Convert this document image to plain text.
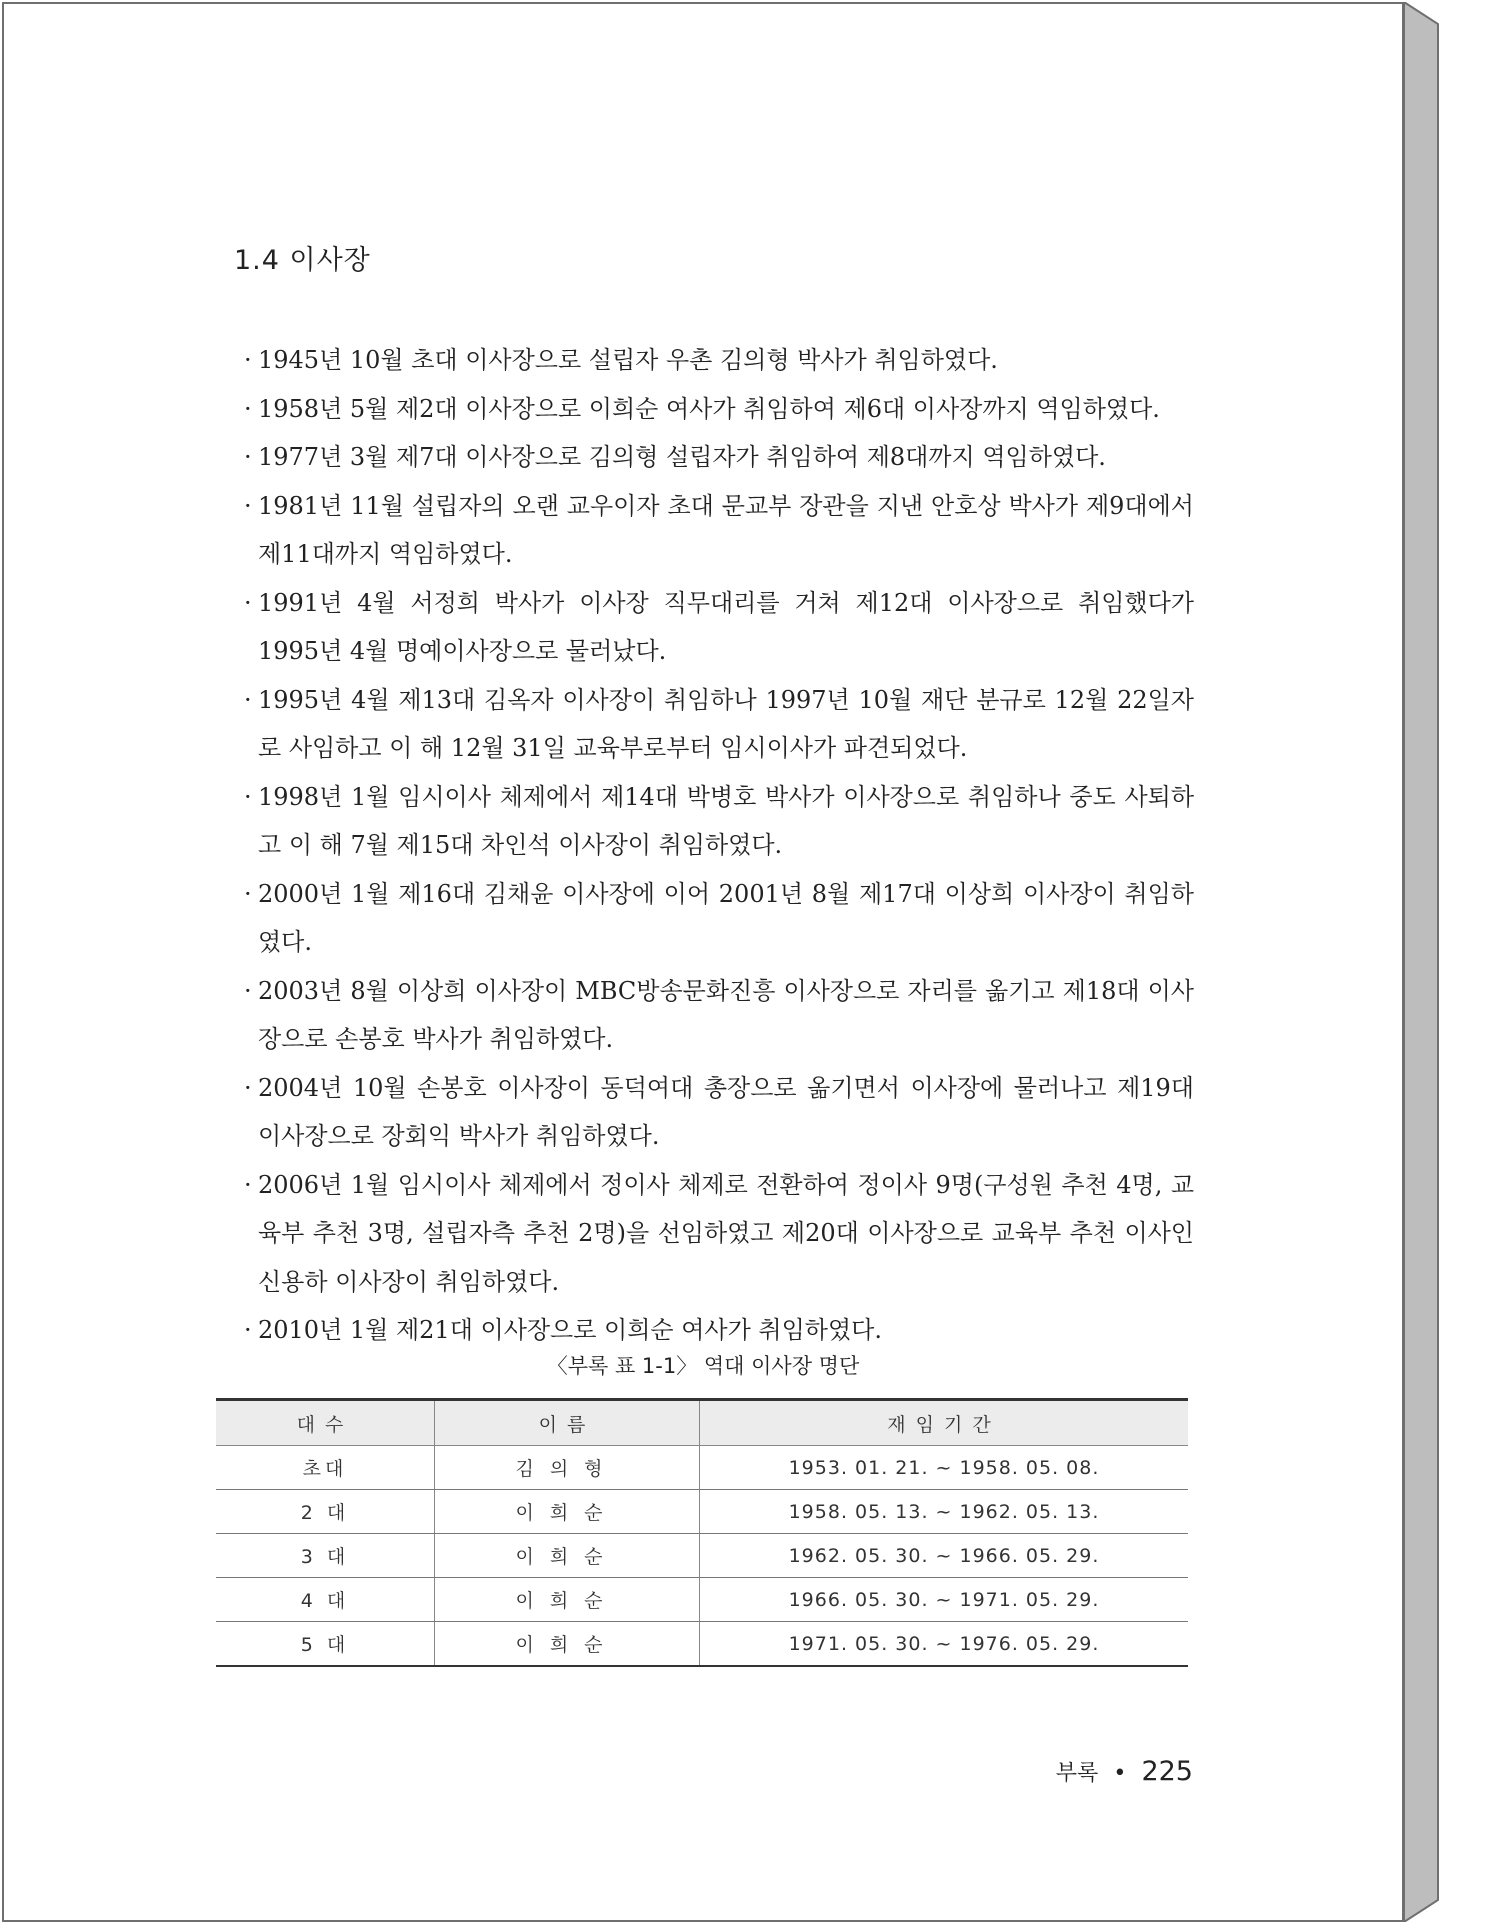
1.4 이사장
· 1945년 10월 초대 이사장으로 설립자 우촌 김의형 박사가 취임하였다.
· 1958년 5월 제2대 이사장으로 이희순 여사가 취임하여 제6대 이사장까지 역임하였다.
· 1977년 3월 제7대 이사장으로 김의형 설립자가 취임하여 제8대까지 역임하였다.
· 1981년 11월 설립자의 오랜 교우이자 초대 문교부 장관을 지낸 안호상 박사가 제9대에서 제11대까지 역임하였다.
· 1991년 4월 서정희 박사가 이사장 직무대리를 거쳐 제12대 이사장으로 취임했다가 1995년 4월 명예이사장으로 물러났다.
· 1995년 4월 제13대 김옥자 이사장이 취임하나 1997년 10월 재단 분규로 12월 22일자로 사임하고 이 해 12월 31일 교육부로부터 임시이사가 파견되었다.
· 1998년 1월 임시이사 체제에서 제14대 박병호 박사가 이사장으로 취임하나 중도 사퇴하고 이 해 7월 제15대 차인석 이사장이 취임하였다.
· 2000년 1월 제16대 김채윤 이사장에 이어 2001년 8월 제17대 이상희 이사장이 취임하였다.
· 2003년 8월 이상희 이사장이 MBC방송문화진흥 이사장으로 자리를 옮기고 제18대 이사장으로 손봉호 박사가 취임하였다.
· 2004년 10월 손봉호 이사장이 동덕여대 총장으로 옮기면서 이사장에 물러나고 제19대 이사장으로 장회익 박사가 취임하였다.
· 2006년 1월 임시이사 체제에서 정이사 체제로 전환하여 정이사 9명(구성원 추천 4명, 교육부 추천 3명, 설립자측 추천 2명)을 선임하였고 제20대 이사장으로 교육부 추천 이사인 신용하 이사장이 취임하였다.
· 2010년 1월 제21대 이사장으로 이희순 여사가 취임하였다.
〈부록 표 1-1〉 역대 이사장 명단
대수	이름	재임기간
초대	김의형	1953. 01. 21. ~ 1958. 05. 08.
2 대	이희순	1958. 05. 13. ~ 1962. 05. 13.
3 대	이희순	1962. 05. 30. ~ 1966. 05. 29.
4 대	이희순	1966. 05. 30. ~ 1971. 05. 29.
5 대	이희순	1971. 05. 30. ~ 1976. 05. 29.
부록 • 225
